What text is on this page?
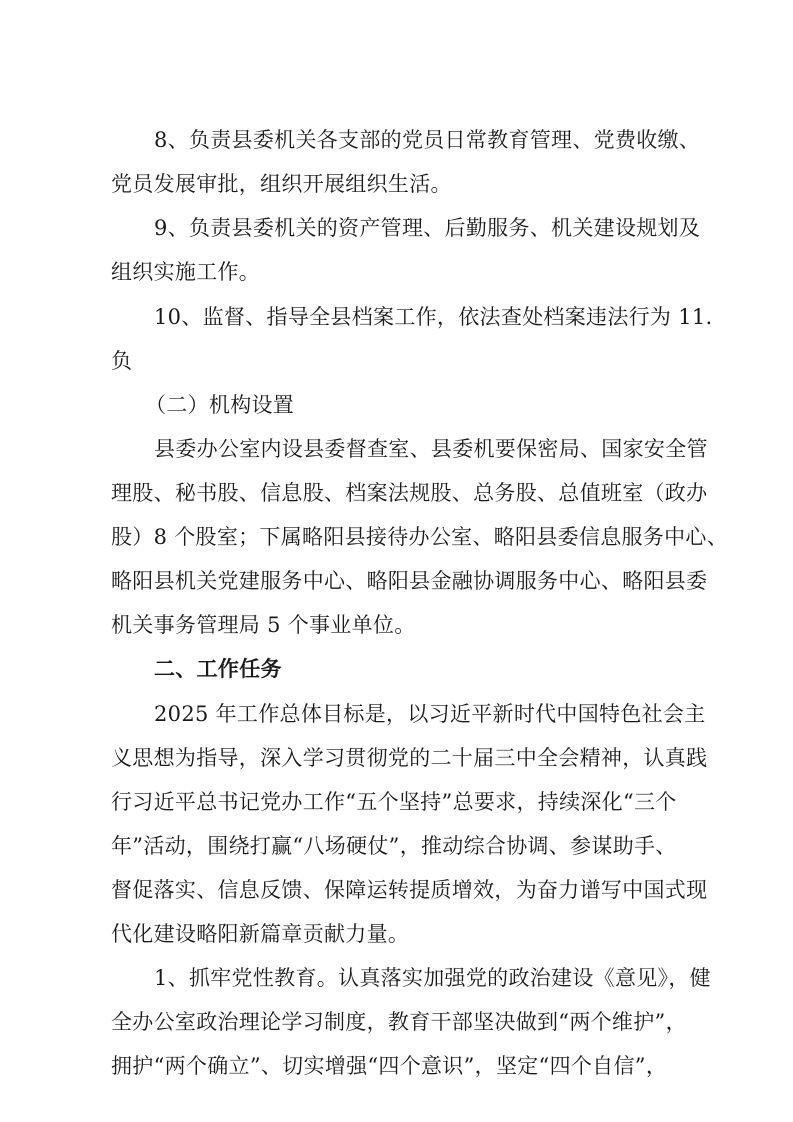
8、负责县委机关各支部的党员日常教育管理、党费收缴、
党员发展审批，组织开展组织生活。
9、负责县委机关的资产管理、后勤服务、机关建设规划及
组织实施工作。
10、监督、指导全县档案工作，依法查处档案违法行为 11.
负
（二）机构设置
县委办公室内设县委督查室、县委机要保密局、国家安全管
理股、秘书股、信息股、档案法规股、总务股、总值班室（政办
股）8 个股室；下属略阳县接待办公室、略阳县委信息服务中心、
略阳县机关党建服务中心、略阳县金融协调服务中心、略阳县委
机关事务管理局 5 个事业单位。
二、工作任务
2025 年工作总体目标是，以习近平新时代中国特色社会主
义思想为指导，深入学习贯彻党的二十届三中全会精神，认真践
行习近平总书记党办工作“五个坚持”总要求，持续深化“三个
年”活动，围绕打赢“八场硬仗”，推动综合协调、参谋助手、
督促落实、信息反馈、保障运转提质增效，为奋力谱写中国式现
代化建设略阳新篇章贡献力量。
1、抓牢党性教育。认真落实加强党的政治建设《意见》，健
全办公室政治理论学习制度，教育干部坚决做到“两个维护”，
拥护“两个确立”、切实增强“四个意识”，坚定“四个自信”，
